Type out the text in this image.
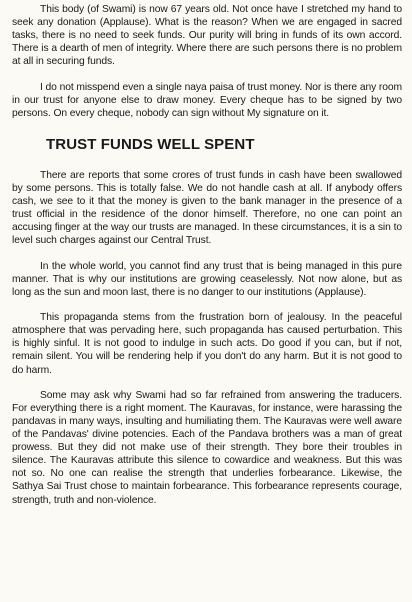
This body (of Swami) is now 67 years old. Not once have I stretched my hand to seek any donation (Applause). What is the reason? When we are engaged in sacred tasks, there is no need to seek funds. Our purity will bring in funds of its own accord. There is a dearth of men of integrity. Where there are such persons there is no problem at all in securing funds.

I do not misspend even a single naya paisa of trust money. Nor is there any room in our trust for anyone else to draw money. Every cheque has to be signed by two persons. On every cheque, nobody can sign without My signature on it.

TRUST FUNDS WELL SPENT

There are reports that some crores of trust funds in cash have been swallowed by some persons. This is totally false. We do not handle cash at all. If anybody offers cash, we see to it that the money is given to the bank manager in the presence of a trust official in the residence of the donor himself. Therefore, no one can point an accusing finger at the way our trusts are managed. In these circumstances, it is a sin to level such charges against our Central Trust.

In the whole world, you cannot find any trust that is being managed in this pure manner. That is why our institutions are growing ceaselessly. Not now alone, but as long as the sun and moon last, there is no danger to our institutions (Applause).

This propaganda stems from the frustration born of jealousy. In the peaceful atmosphere that was pervading here, such propaganda has caused perturbation. This is highly sinful. It is not good to indulge in such acts. Do good if you can, but if not, remain silent. You will be rendering help if you don't do any harm. But it is not good to do harm.

Some may ask why Swami had so far refrained from answering the traducers. For everything there is a right moment. The Kauravas, for instance, were harassing the pandavas in many ways, insulting and humiliating them. The Kauravas were well aware of the Pandavas' divine potencies. Each of the Pandava brothers was a man of great prowess. But they did not make use of their strength. They bore their troubles in silence. The Kauravas attribute this silence to cowardice and weakness. But this was not so. No one can realise the strength that underlies forbearance. Likewise, the Sathya Sai Trust chose to maintain forbearance. This forbearance represents courage, strength, truth and non-violence.
